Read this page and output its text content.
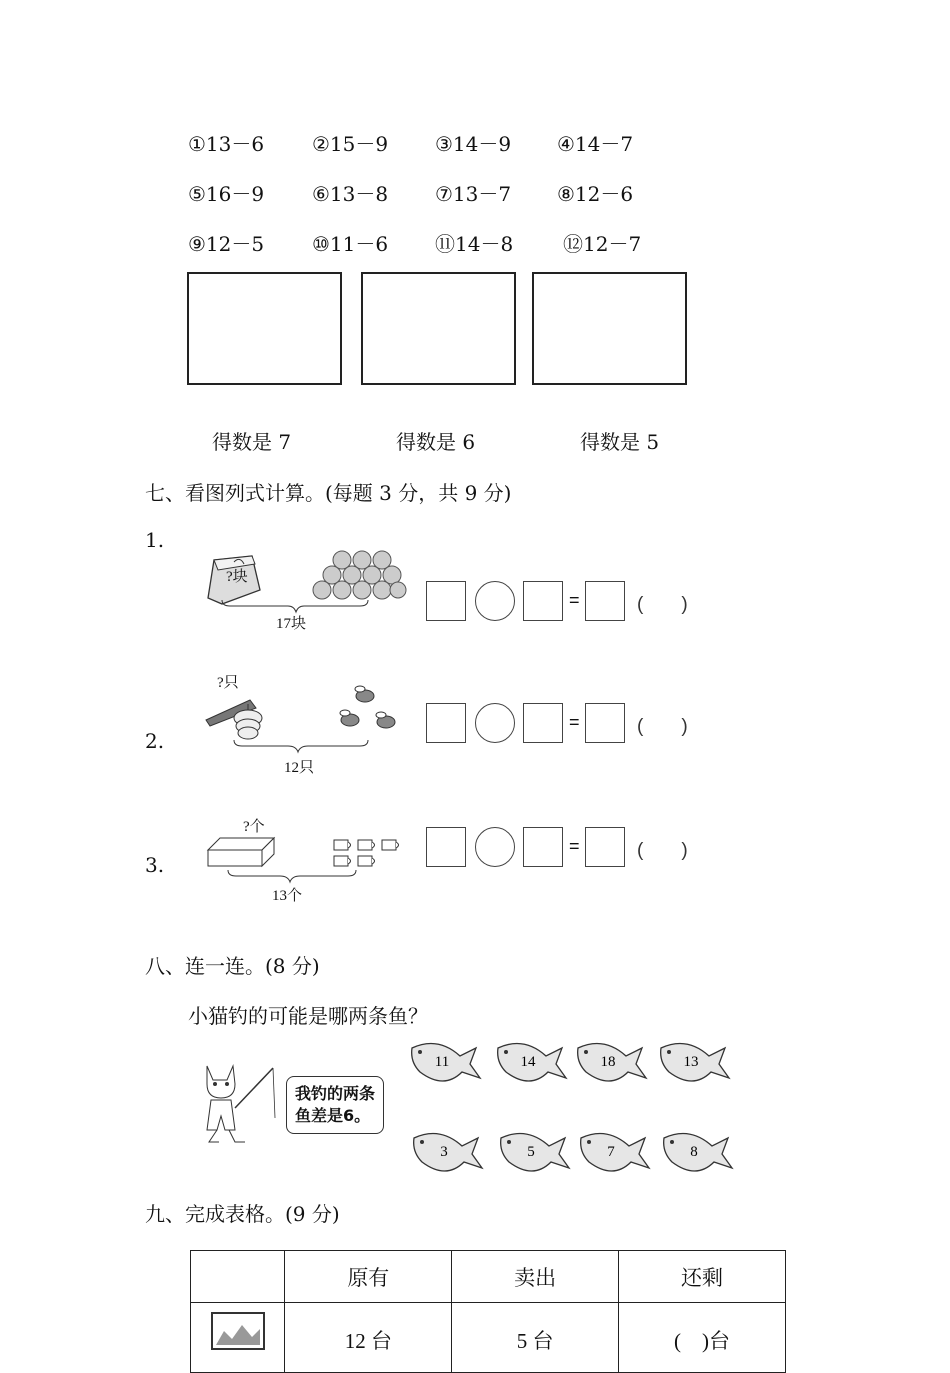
①13－6 ②15－9 ③14－9 ④14－7
⑤16－9 ⑥13－8 ⑦13－7 ⑧12－6
⑨12－5 ⑩11－6 ⑪14－8 ⑫12－7
得数是 7	得数是 6	得数是 5
七、看图列式计算。(每题 3 分，共 9 分)
1.
?块
17块
=	(　　)
2.
?只
12只
=	(　　)
3.
?个
13个
=	(　　)
八、连一连。(8 分)
小猫钓的可能是哪两条鱼？
我钓的两条
鱼差是6。
九、完成表格。(9 分)
	原有	卖出	还剩
	12 台	5 台	(　)台
11	14	18	13
3	5	7	8
